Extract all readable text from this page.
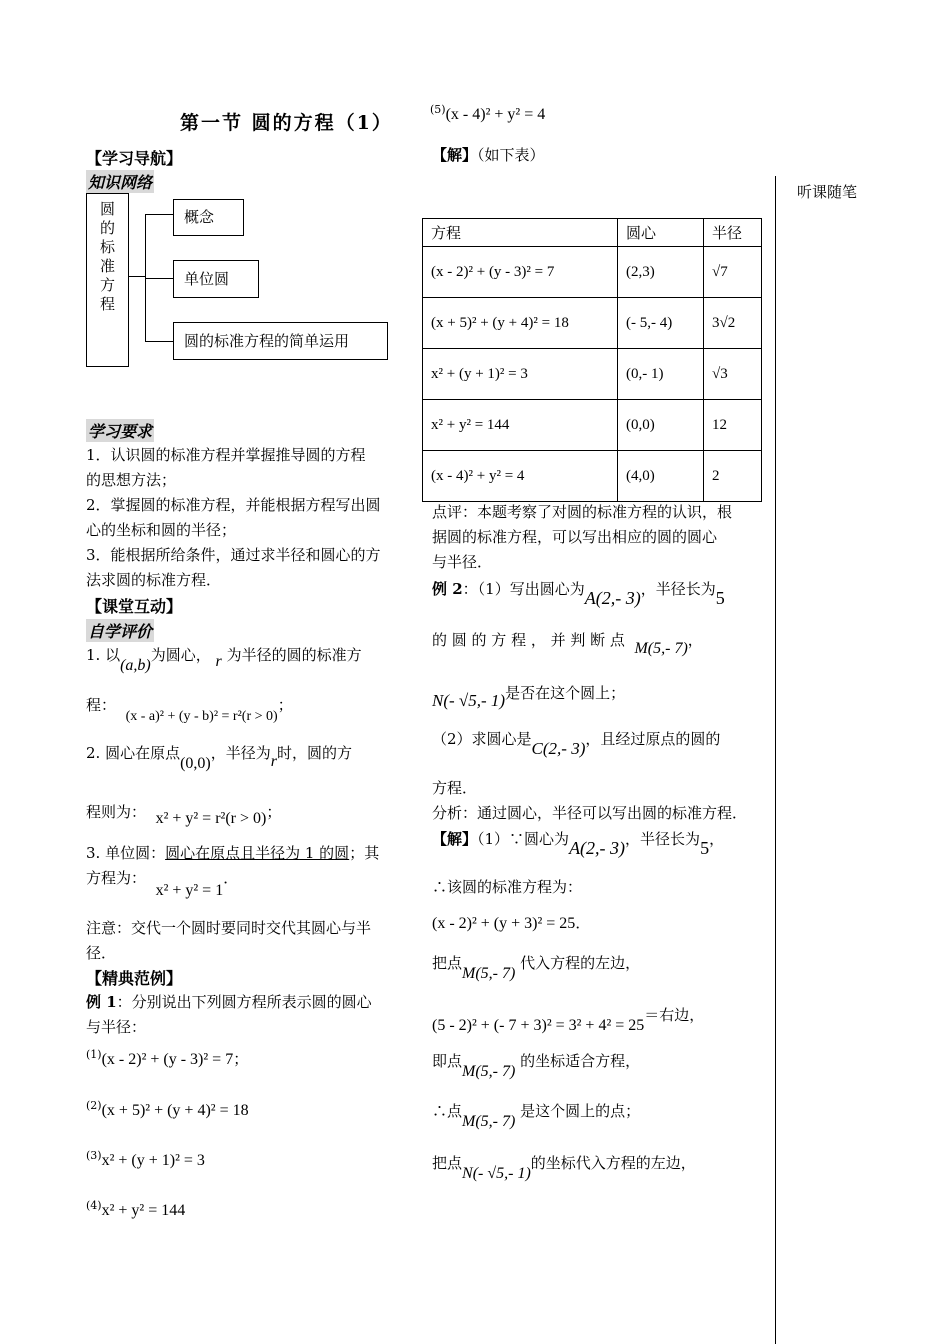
第一节 圆的方程（1）
【学习导航】
知识网络
圆
的
标
准
方
程
概念
单位圆
圆的标准方程的简单运用
学习要求
1．认识圆的标准方程并掌握推导圆的方程
的思想方法；
2．掌握圆的标准方程，并能根据方程写出圆
心的坐标和圆的半径；
3．能根据所给条件，通过求半径和圆心的方
法求圆的标准方程．
【课堂互动】
自学评价
1. 以(a,b)为圆心， r 为半径的圆的标准方
程：  (x - a)² + (y - b)² = r²(r > 0)；
2. 圆心在原点(0,0)，半径为r时，圆的方
程则为： x² + y² = r²(r > 0)；
3. 单位圆：圆心在原点且半径为 1 的圆；其
方程为：  x² + y² = 1．
注意：交代一个圆时要同时交代其圆心与半
径．
【精典范例】
例 1：分别说出下列圆方程所表示圆的圆心
与半径：
$^{(1)}$(x - 2)² + (y - 3)² = 7；
$^{(2)}$(x + 5)² + (y + 4)² = 18
$^{(3)}$x² + (y + 1)² = 3
$^{(4)}$x² + y² = 144
$^{(5)}$(x - 4)² + y² = 4
【解】（如下表）
方程	圆心	半径
(x - 2)² + (y - 3)² = 7	(2,3)	√7
(x + 5)² + (y + 4)² = 18	(- 5,- 4)	3√2
x² + (y + 1)² = 3	(0,- 1)	√3
x² + y² = 144	(0,0)	12
(x - 4)² + y² = 4	(4,0)	2
点评：本题考察了对圆的标准方程的认识，根
据圆的标准方程，可以写出相应的圆的圆心
与半径．
例 2：（1）写出圆心为A(2,- 3)，半径长为5
的 圆 的 方 程 ， 并 判 断 点 M(5,- 7)，
N(- √5,- 1)是否在这个圆上；
（2）求圆心是C(2,- 3)，且经过原点的圆的
方程．
分析：通过圆心，半径可以写出圆的标准方程．
【解】（1）∵圆心为A(2,- 3)，半径长为5，
∴该圆的标准方程为：
(x - 2)² + (y + 3)² = 25．
把点M(5,- 7) 代入方程的左边，
(5 - 2)² + (- 7 + 3)² = 3² + 4² = 25＝右边，
即点M(5,- 7) 的坐标适合方程，
∴点M(5,- 7) 是这个圆上的点；
把点N(- √5,- 1)的坐标代入方程的左边，
听课随笔
